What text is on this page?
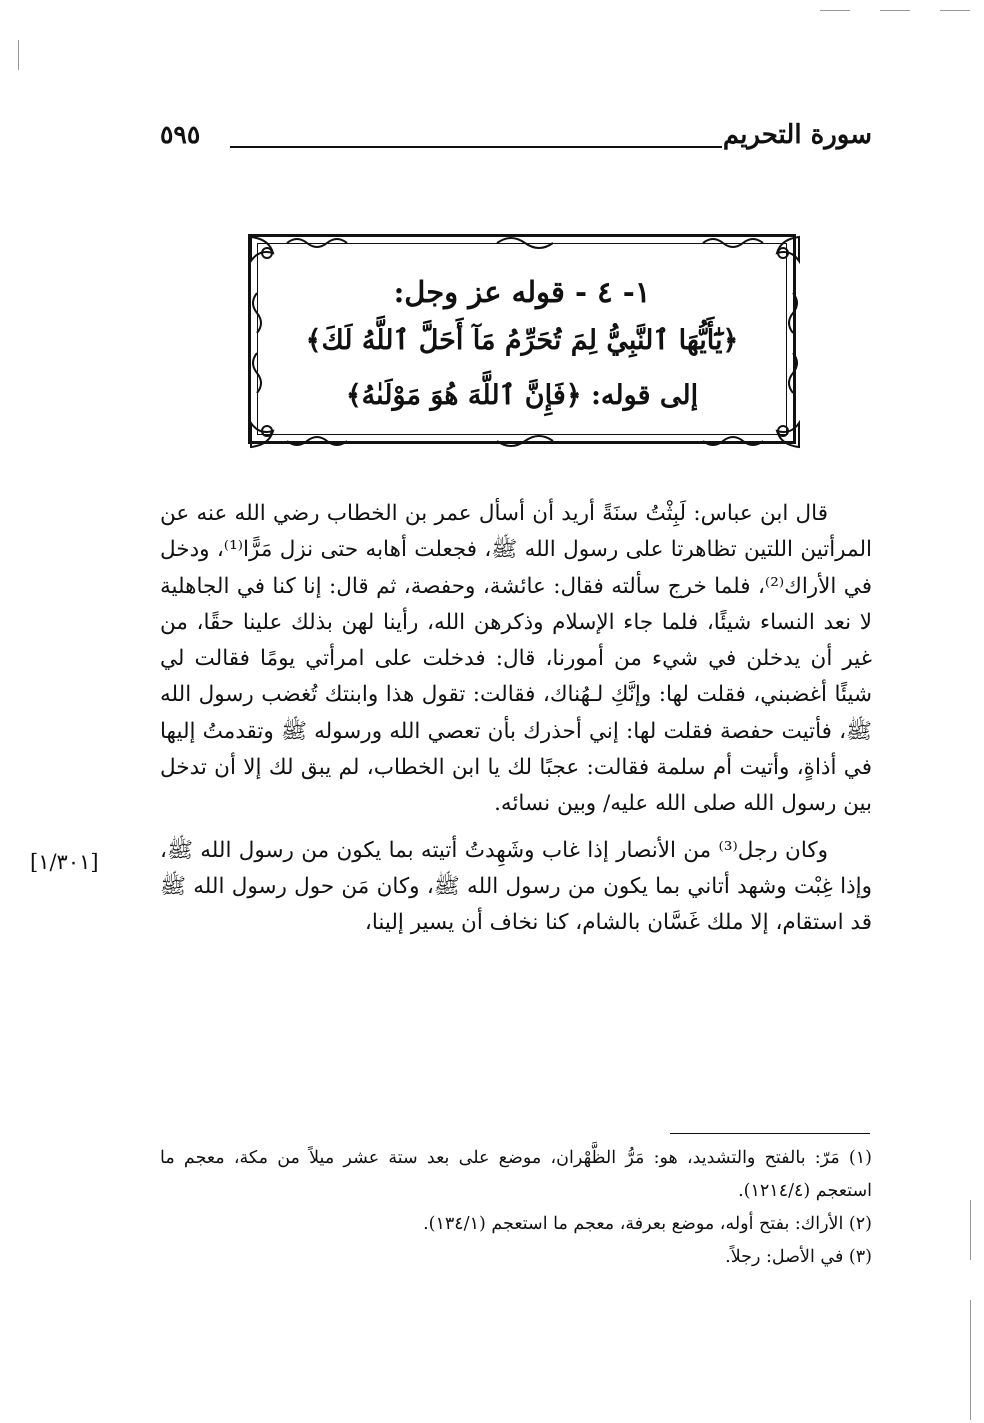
سورة التحريم
٥٩٥
١- ٤ - قوله عز وجل:
﴿يَٰٓأَيُّهَا ٱلنَّبِيُّ لِمَ تُحَرِّمُ مَآ أَحَلَّ ٱللَّهُ لَكَ﴾
إلى قوله: ﴿فَإِنَّ ٱللَّهَ هُوَ مَوْلَىٰهُ﴾

قال ابن عباس: لَبِثْتُ سنَةً أريد أن أسأل عمر بن الخطاب رضي الله عنه عن المرأتين اللتين تظاهرتا على رسول الله ﷺ، فجعلت أهابه حتى نزل مَرًّا⁽¹⁾، ودخل في الأراك⁽²⁾، فلما خرج سألته فقال: عائشة، وحفصة، ثم قال: إنا كنا في الجاهلية لا نعد النساء شيئًا، فلما جاء الإسلام وذكرهن الله، رأينا لهن بذلك علينا حقًا، من غير أن يدخلن في شيء من أمورنا، قال: فدخلت على امرأتي يومًا فقالت لي شيئًا أغضبني، فقلت لها: وإنَّكِ لـهُناك، فقالت: تقول هذا وابنتك تُغضب رسول الله ﷺ، فأتيت حفصة فقلت لها: إني أحذرك بأن تعصي الله ورسوله ﷺ وتقدمتُ إليها في أذاةٍ، وأتيت أم سلمة فقالت: عجبًا لك يا ابن الخطاب، لم يبق لك إلا أن تدخل بين رسول الله صلى الله عليه/ وبين نسائه.

وكان رجل⁽³⁾ من الأنصار إذا غاب وشَهِدتُ أتيته بما يكون من رسول الله ﷺ، وإذا غِبْت وشهد أتاني بما يكون من رسول الله ﷺ، وكان مَن حول رسول الله ﷺ قد استقام، إلا ملك غَسَّان بالشام، كنا نخاف أن يسير إلينا،

[١/٣٠١]
(١) مَرّ: بالفتح والتشديد، هو: مَرُّ الظَّهْران، موضع على بعد ستة عشر ميلاً من مكة، معجم ما استعجم (١٢١٤/٤).
(٢) الأراك: بفتح أوله، موضع بعرفة، معجم ما استعجم (١٣٤/١).
(٣) في الأصل: رجلاً.
